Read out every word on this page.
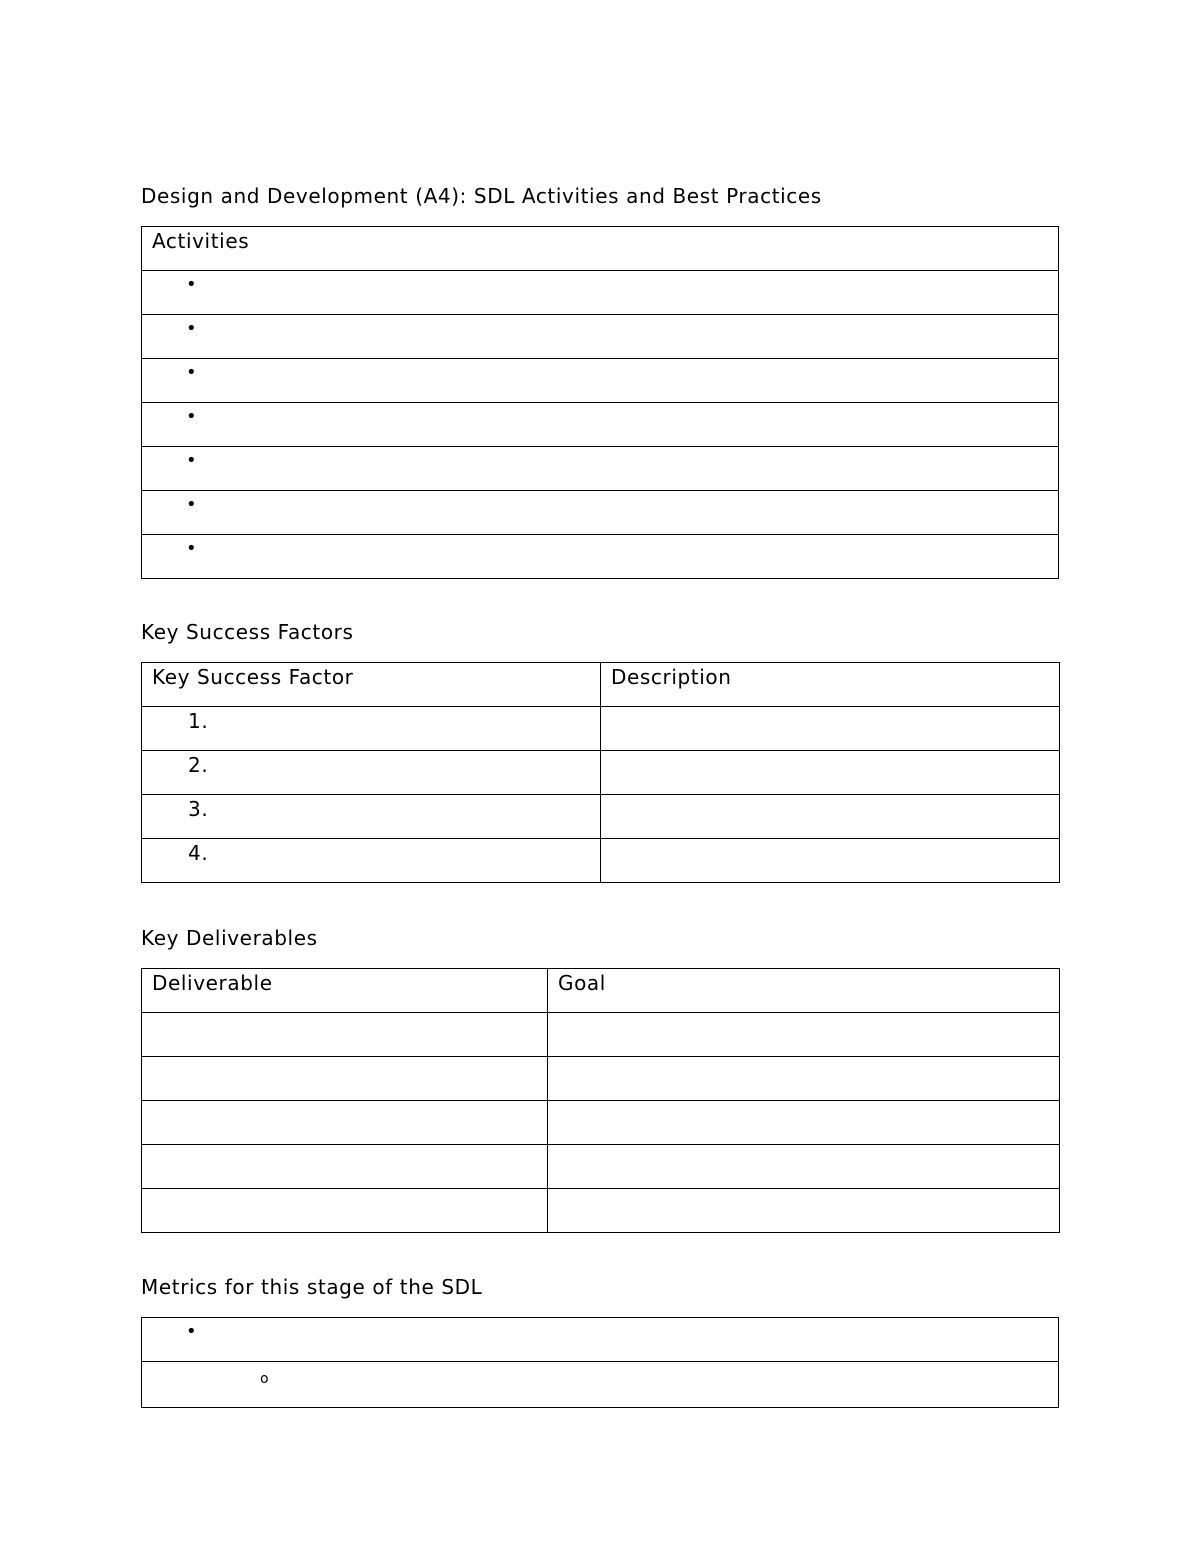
Design and Development (A4): SDL Activities and Best Practices
Activities

•
•
•
•
•
•
•
Key Success Factors
Key Success Factor	Description

1.	
2.	
3.	
4.	
Key Deliverables
Deliverable	Goal

Metrics for this stage of the SDL
•
o
